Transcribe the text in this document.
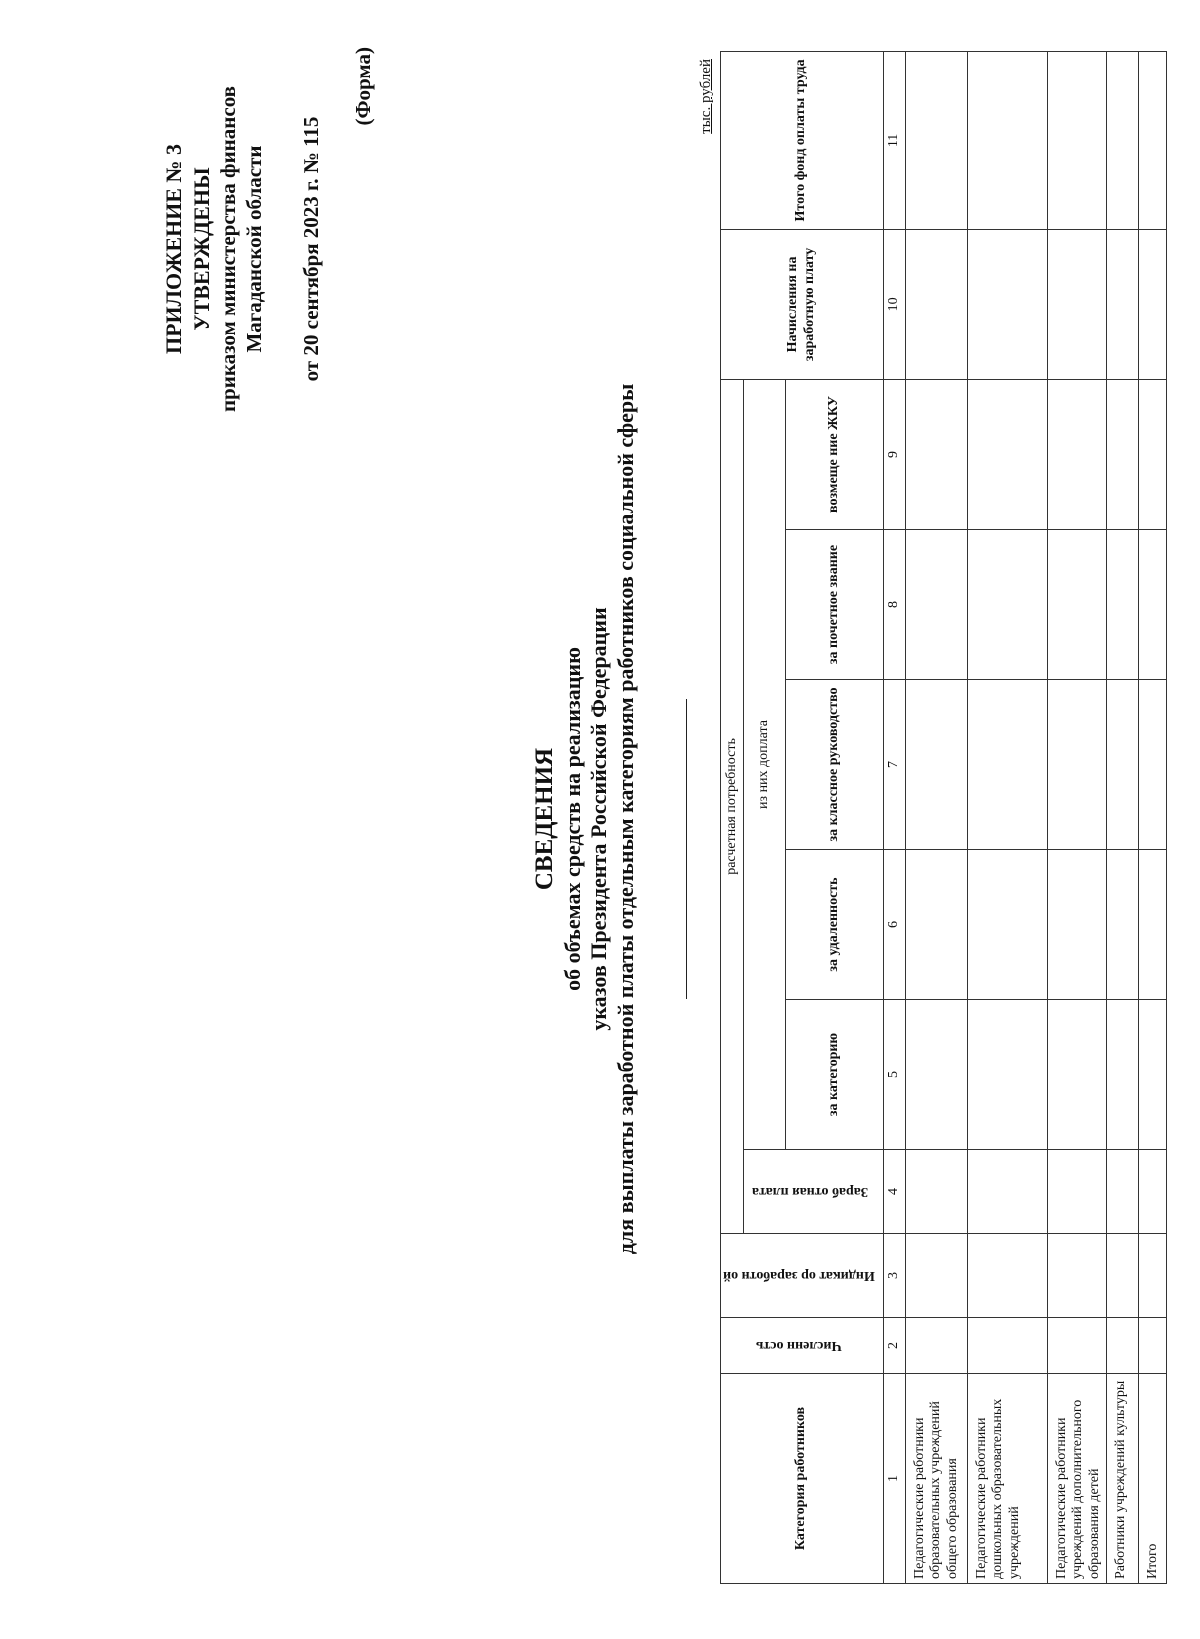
ПРИЛОЖЕНИЕ № 3 УТВЕРЖДЕНЫ приказом министерства финансов Магаданской области от 20 сентября 2023 г. № 115
(Форма)
СВЕДЕНИЯ об объемах средств на реализацию указов Президента Российской Федерации для выплаты заработной платы отдельным категориям работников социальной сферы
тыс. рублей
Категория работников	Численн ость	Индикат ор заработн ой	расчетная потребность						Начисления на заработную плату	Итого фонд оплаты труда
			Зараб отная плата	из них доплата						
				за категорию	за удаленность	за классное руководство	за почетное звание	возмеще ние ЖКУ		
1	2	3	4	5	6	7	8	9	10	11
Педагогические работники образовательных учреждений общего образования										
Педагогические работники дошкольных образовательных учреждений										
Педагогические работники учреждений дополнительного образования детей										
Работники учреждений культуры										
Итого										
